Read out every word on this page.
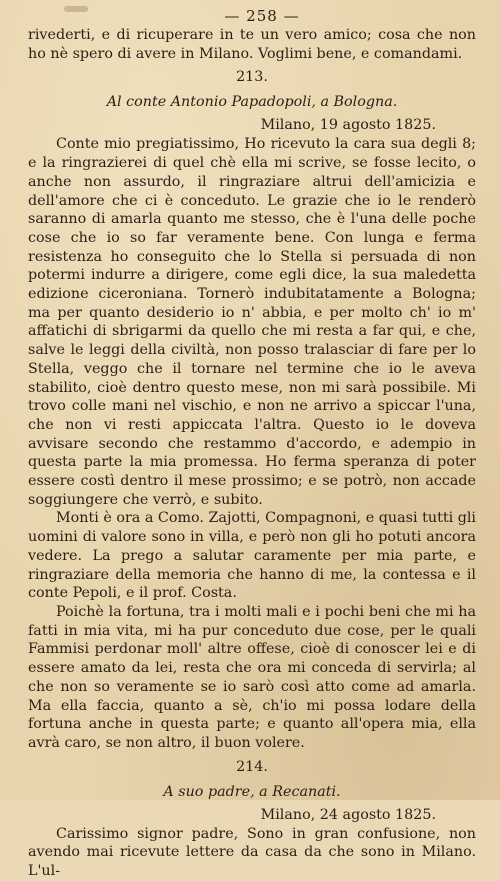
— 258 —

rivederti, e di ricuperare in te un vero amico; cosa che non ho nè spero di avere in Milano. Voglimi bene, e comandami.

213.
Al conte Antonio Papadopoli, a Bologna.
Milano, 19 agosto 1825.

Conte mio pregiatissimo, Ho ricevuto la cara sua degli 8; e la ringrazierei di quel chè ella mi scrive, se fosse lecito, o anche non assurdo, il ringraziare altrui dell'amicizia e dell'amore che ci è conceduto. Le grazie che io le renderò saranno di amarla quanto me stesso, che è l'una delle poche cose che io so far veramente bene. Con lunga e ferma resistenza ho conseguito che lo Stella si persuada di non potermi indurre a dirigere, come egli dice, la sua maledetta edizione ciceroniana. Tornerò indubitatamente a Bologna; ma per quanto desiderio io n' abbia, e per molto ch' io m' affatichi di sbrigarmi da quello che mi resta a far qui, e che, salve le leggi della civiltà, non posso tralasciar di fare per lo Stella, veggo che il tornare nel termine che io le aveva stabilito, cioè dentro questo mese, non mi sarà possibile. Mi trovo colle mani nel vischio, e non ne arrivo a spiccar l'una, che non vi resti appiccata l'altra. Questo io le doveva avvisare secondo che restammo d'accordo, e adempio in questa parte la mia promessa. Ho ferma speranza di poter essere costì dentro il mese prossimo; e se potrò, non accade soggiungere che verrò, e subito.

Monti è ora a Como. Zajotti, Compagnoni, e quasi tutti gli uomini di valore sono in villa, e però non gli ho potuti ancora vedere. La prego a salutar caramente per mia parte, e ringraziare della memoria che hanno di me, la contessa e il conte Pepoli, e il prof. Costa.

Poichè la fortuna, tra i molti mali e i pochi beni che mi ha fatti in mia vita, mi ha pur conceduto due cose, per le quali Fammisi perdonar moll' altre offese, cioè di conoscer lei e di essere amato da lei, resta che ora mi conceda di servirla; al che non so veramente se io sarò così atto come ad amarla. Ma ella faccia, quanto a sè, ch'io mi possa lodare della fortuna anche in questa parte; e quanto all'opera mia, ella avrà caro, se non altro, il buon volere.

214.
A suo padre, a Recanati.
Milano, 24 agosto 1825.

Carissimo signor padre, Sono in gran confusione, non avendo mai ricevute lettere da casa da che sono in Milano. L'ul-
